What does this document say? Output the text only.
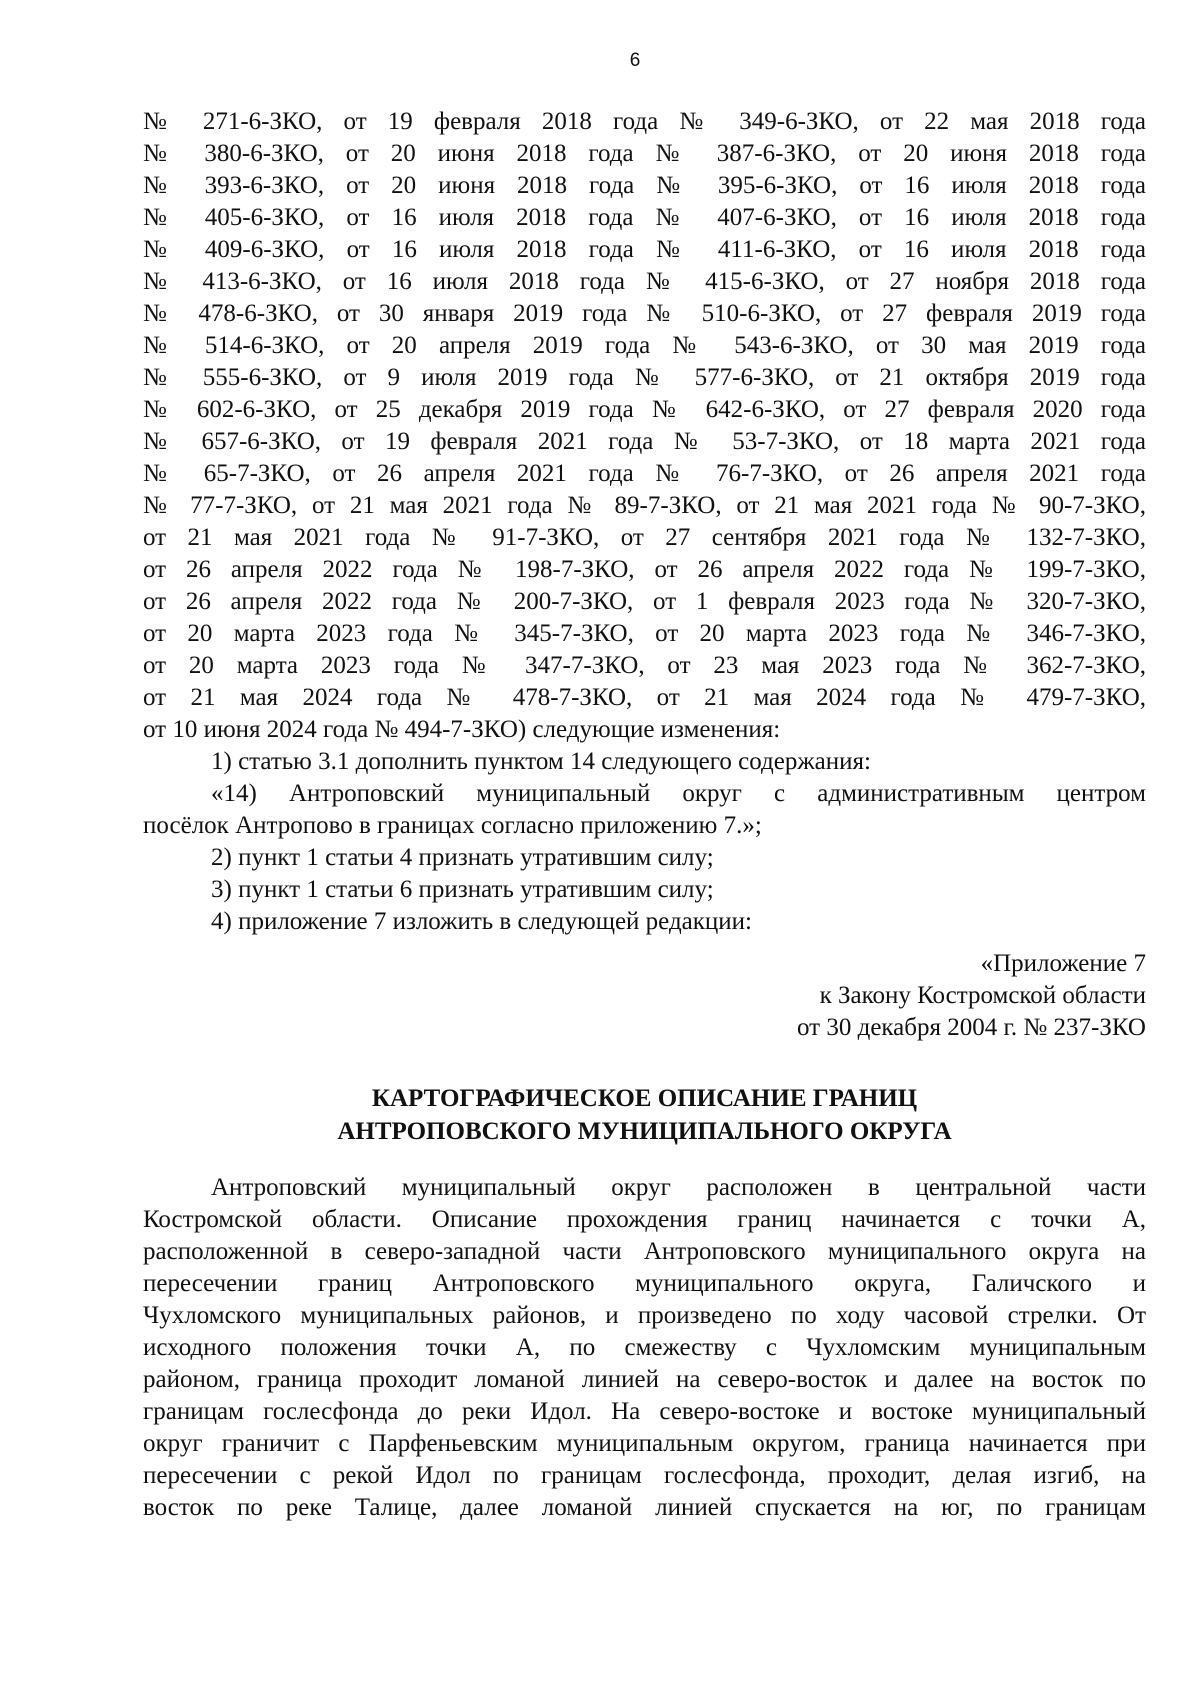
6
№ 271-6-ЗКО, от 19 февраля 2018 года № 349-6-ЗКО, от 22 мая 2018 года
№ 380-6-ЗКО, от 20 июня 2018 года № 387-6-ЗКО, от 20 июня 2018 года
№ 393-6-ЗКО, от 20 июня 2018 года № 395-6-ЗКО, от 16 июля 2018 года
№ 405-6-ЗКО, от 16 июля 2018 года № 407-6-ЗКО, от 16 июля 2018 года
№ 409-6-ЗКО, от 16 июля 2018 года № 411-6-ЗКО, от 16 июля 2018 года
№ 413-6-ЗКО, от 16 июля 2018 года № 415-6-ЗКО, от 27 ноября 2018 года
№ 478-6-ЗКО, от 30 января 2019 года № 510-6-ЗКО, от 27 февраля 2019 года
№ 514-6-ЗКО, от 20 апреля 2019 года № 543-6-ЗКО, от 30 мая 2019 года
№ 555-6-ЗКО, от 9 июля 2019 года № 577-6-ЗКО, от 21 октября 2019 года
№ 602-6-ЗКО, от 25 декабря 2019 года № 642-6-ЗКО, от 27 февраля 2020 года
№ 657-6-ЗКО, от 19 февраля 2021 года № 53-7-ЗКО, от 18 марта 2021 года
№ 65-7-ЗКО, от 26 апреля 2021 года № 76-7-ЗКО, от 26 апреля 2021 года
№ 77-7-ЗКО, от 21 мая 2021 года № 89-7-ЗКО, от 21 мая 2021 года № 90-7-ЗКО,
от 21 мая 2021 года № 91-7-ЗКО, от 27 сентября 2021 года № 132-7-ЗКО,
от 26 апреля 2022 года № 198-7-ЗКО, от 26 апреля 2022 года № 199-7-ЗКО,
от 26 апреля 2022 года № 200-7-ЗКО, от 1 февраля 2023 года № 320-7-ЗКО,
от 20 марта 2023 года № 345-7-ЗКО, от 20 марта 2023 года № 346-7-ЗКО,
от 20 марта 2023 года № 347-7-ЗКО, от 23 мая 2023 года № 362-7-ЗКО,
от 21 мая 2024 года № 478-7-ЗКО, от 21 мая 2024 года № 479-7-ЗКО,
от 10 июня 2024 года № 494-7-ЗКО) следующие изменения:
1) статью 3.1 дополнить пунктом 14 следующего содержания:
«14) Антроповский муниципальный округ с административным центром
посёлок Антропово в границах согласно приложению 7.»;
2) пункт 1 статьи 4 признать утратившим силу;
3) пункт 1 статьи 6 признать утратившим силу;
4) приложение 7 изложить в следующей редакции:
«Приложение 7
к Закону Костромской области
от 30 декабря 2004 г. № 237-ЗКО
КАРТОГРАФИЧЕСКОЕ ОПИСАНИЕ ГРАНИЦ
АНТРОПОВСКОГО МУНИЦИПАЛЬНОГО ОКРУГА
Антроповский муниципальный округ расположен в центральной части
Костромской области. Описание прохождения границ начинается с точки А,
расположенной в северо-западной части Антроповского муниципального округа на
пересечении границ Антроповского муниципального округа, Галичского и
Чухломского муниципальных районов, и произведено по ходу часовой стрелки. От
исходного положения точки А, по смежеству с Чухломским муниципальным
районом, граница проходит ломаной линией на северо-восток и далее на восток по
границам гослесфонда до реки Идол. На северо-востоке и востоке муниципальный
округ граничит с Парфеньевским муниципальным округом, граница начинается при
пересечении с рекой Идол по границам гослесфонда, проходит, делая изгиб, на
восток по реке Талице, далее ломаной линией спускается на юг, по границам
